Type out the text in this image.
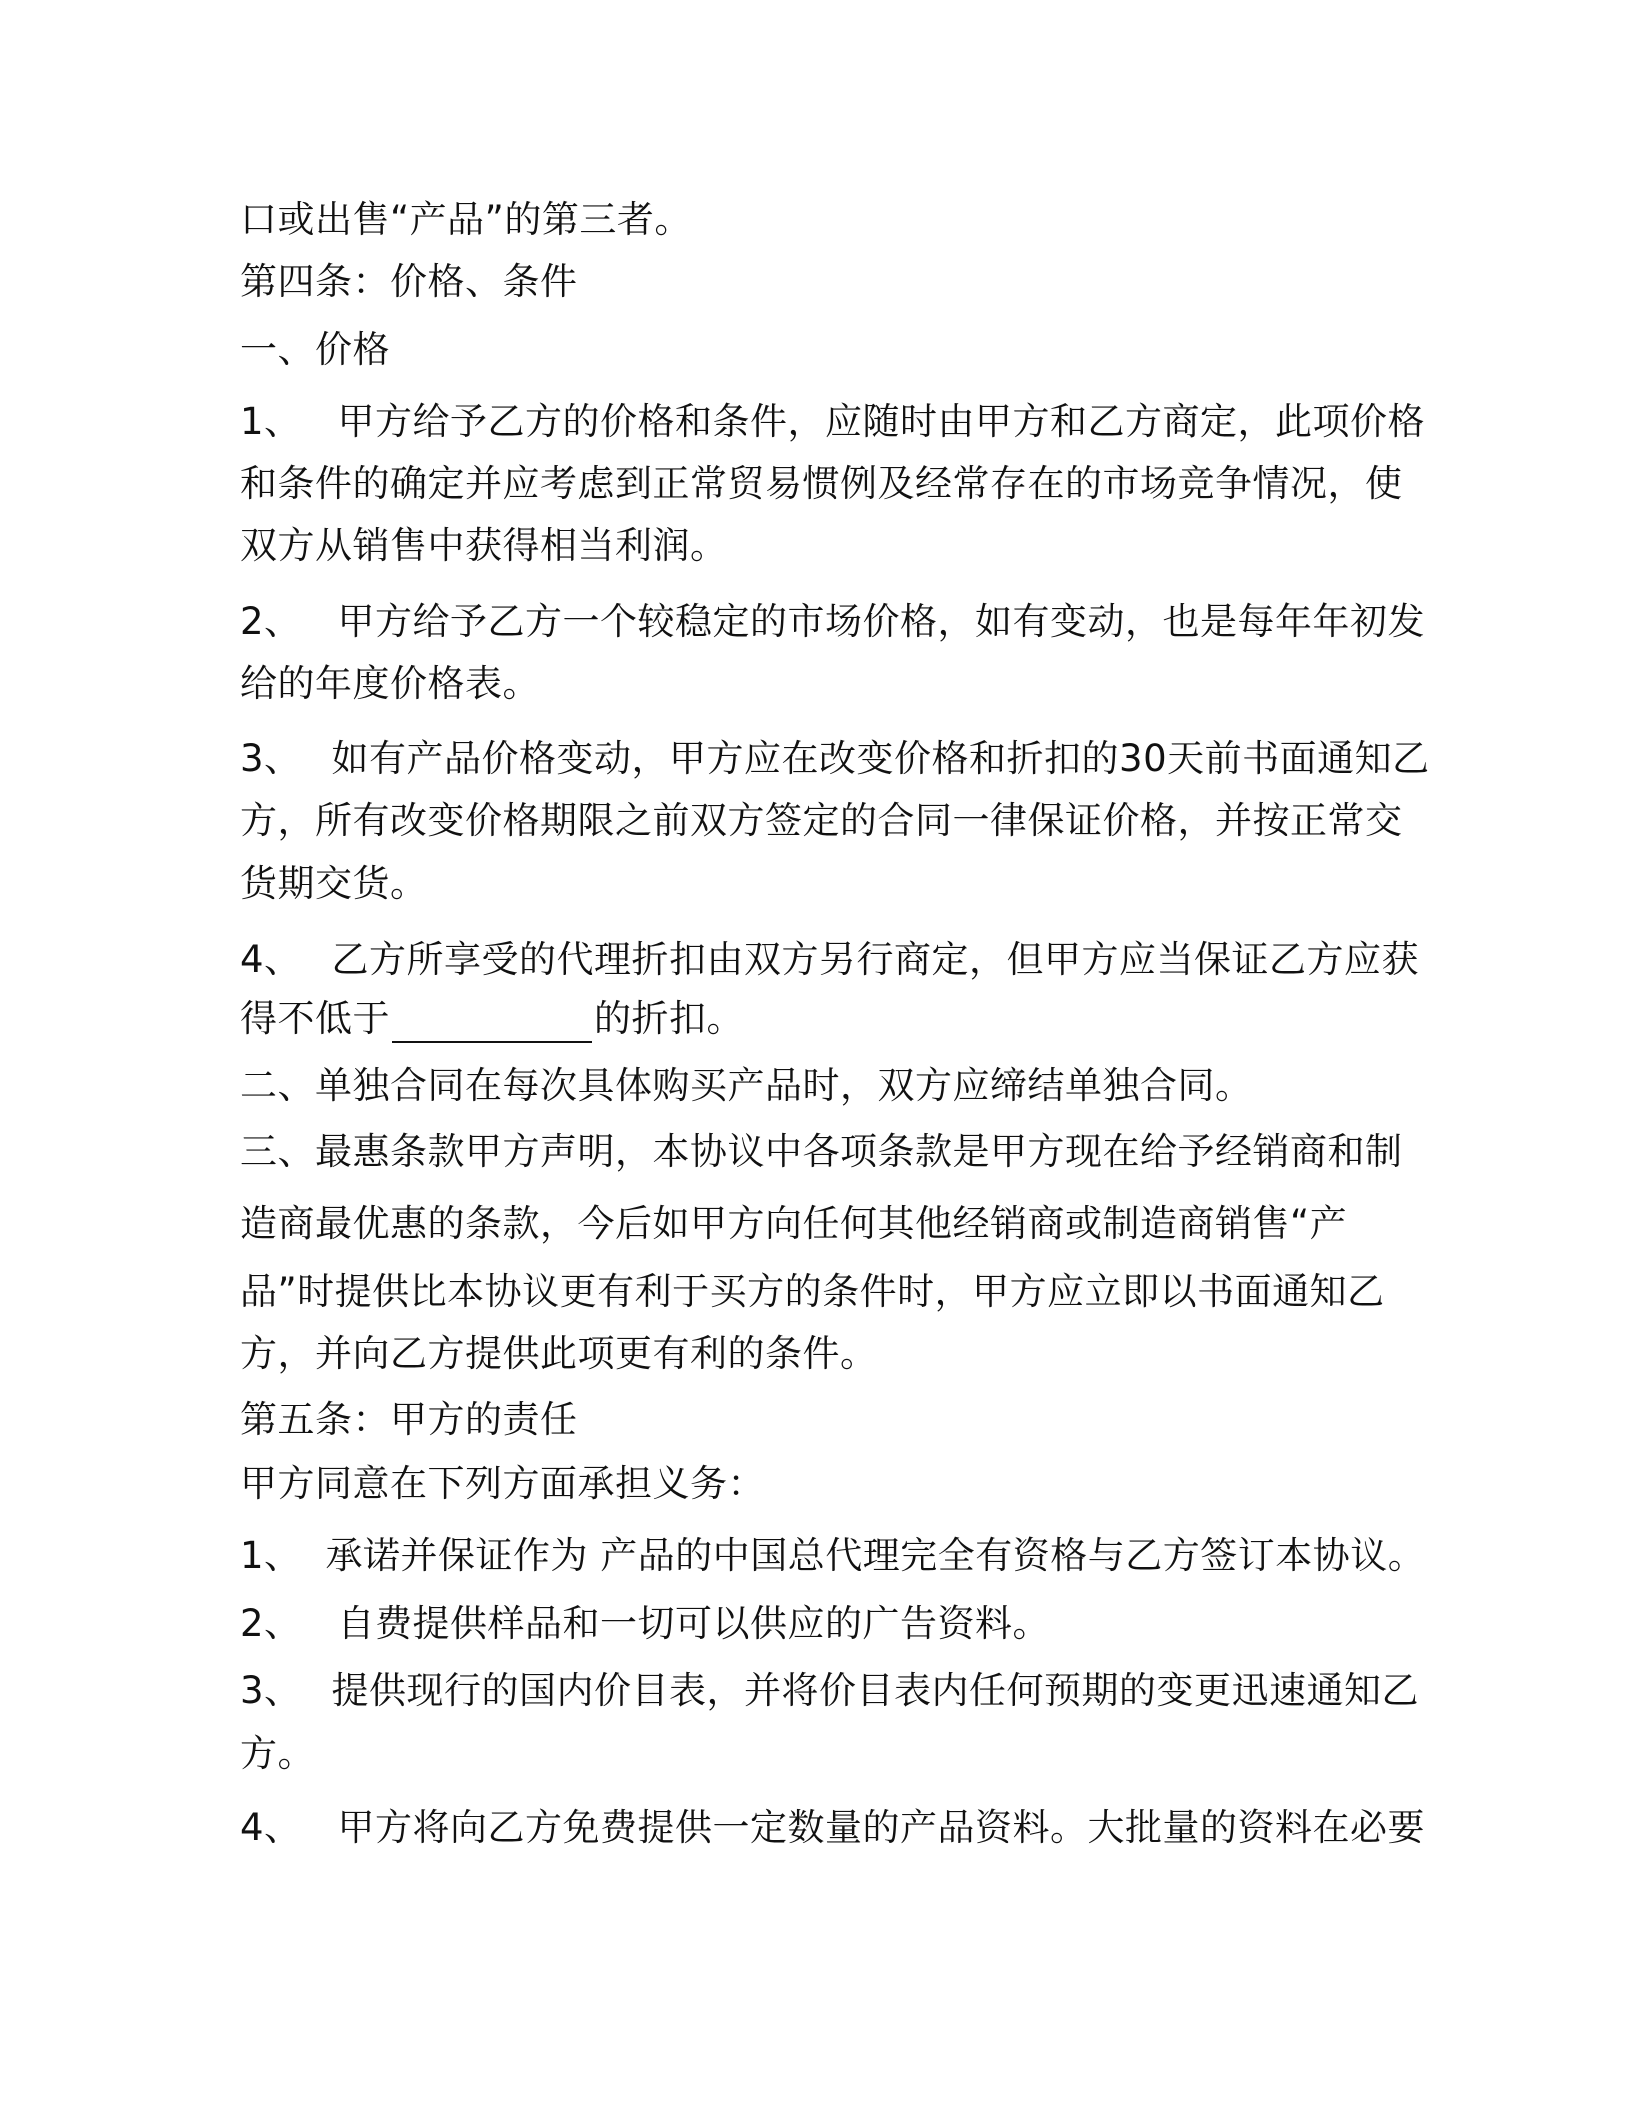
口或出售“产品”的第三者。
第四条：价格、条件
一、价格
1、 甲方给予乙方的价格和条件，应随时由甲方和乙方商定，此项价格
和条件的确定并应考虑到正常贸易惯例及经常存在的市场竞争情况，使
双方从销售中获得相当利润。
2、 甲方给予乙方一个较稳定的市场价格，如有变动，也是每年年初发
给的年度价格表。
3、 如有产品价格变动，甲方应在改变价格和折扣的30天前书面通知乙
方，所有改变价格期限之前双方签定的合同一律保证价格，并按正常交
货期交货。
4、 乙方所享受的代理折扣由双方另行商定，但甲方应当保证乙方应获
得不低于	的折扣。
二、单独合同在每次具体购买产品时，双方应缔结单独合同。
三、最惠条款甲方声明，本协议中各项条款是甲方现在给予经销商和制
造商最优惠的条款，今后如甲方向任何其他经销商或制造商销售“产
品”时提供比本协议更有利于买方的条件时，甲方应立即以书面通知乙
方，并向乙方提供此项更有利的条件。
第五条：甲方的责任
甲方同意在下列方面承担义务：
1、 承诺并保证作为 产品的中国总代理完全有资格与乙方签订本协议。
2、 自费提供样品和一切可以供应的广告资料。
3、 提供现行的国内价目表，并将价目表内任何预期的变更迅速通知乙
方。
4、 甲方将向乙方免费提供一定数量的产品资料。大批量的资料在必要
